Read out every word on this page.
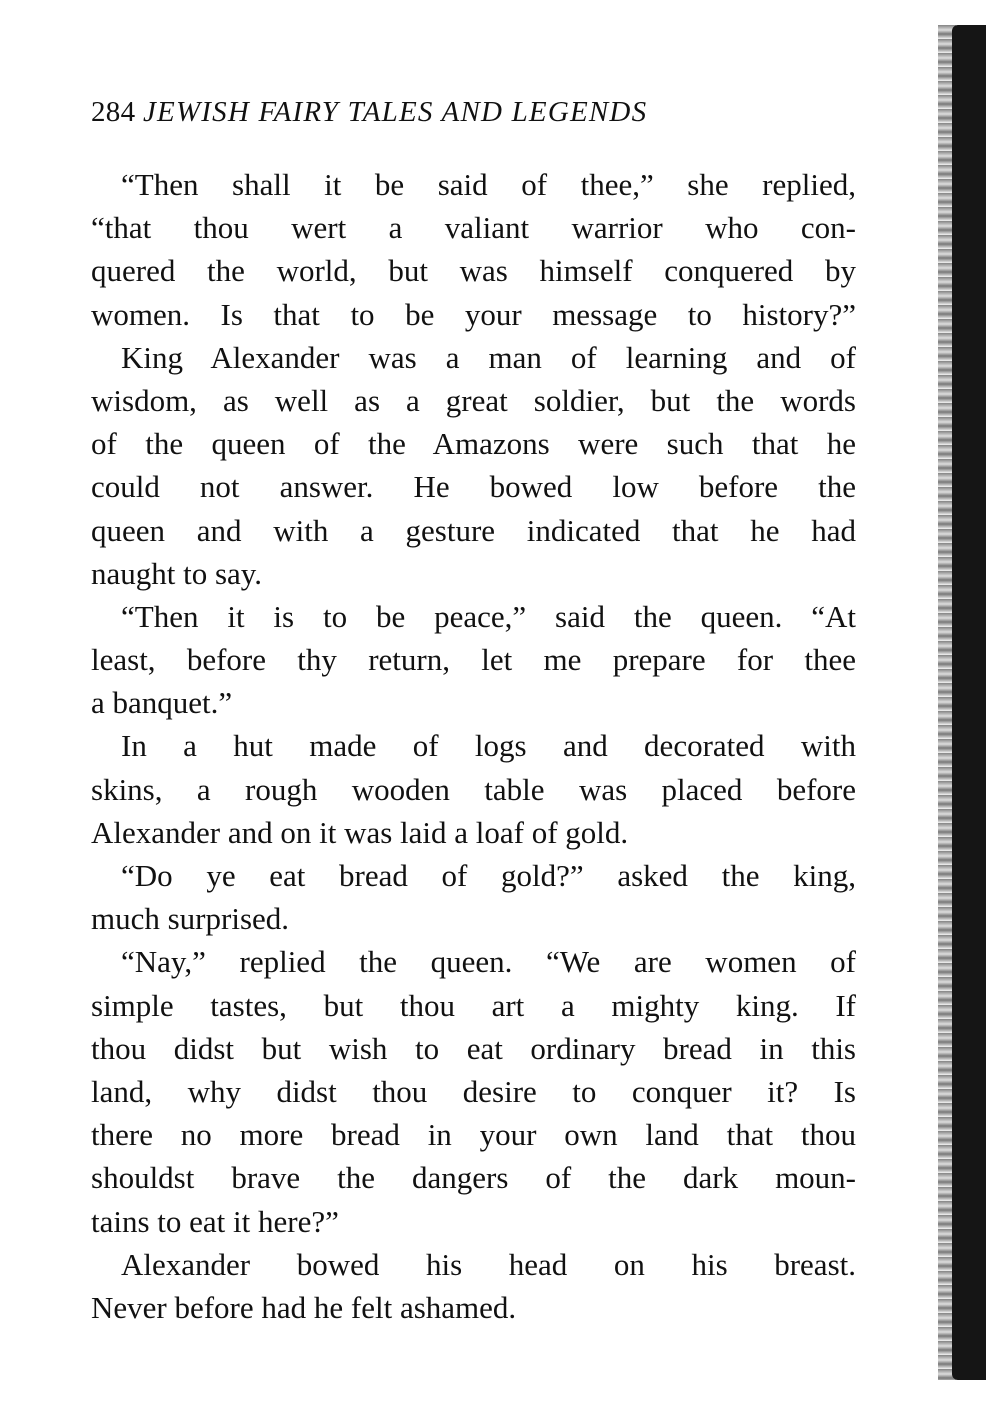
284 JEWISH FAIRY TALES AND LEGENDS

“Then shall it be said of thee,” she replied,
“that thou wert a valiant warrior who con-
quered the world, but was himself conquered by
women. Is that to be your message to history?”

King Alexander was a man of learning and of
wisdom, as well as a great soldier, but the words
of the queen of the Amazons were such that he
could not answer. He bowed low before the
queen and with a gesture indicated that he had
naught to say.

“Then it is to be peace,” said the queen. “At
least, before thy return, let me prepare for thee
a banquet.”

In a hut made of logs and decorated with
skins, a rough wooden table was placed before
Alexander and on it was laid a loaf of gold.

“Do ye eat bread of gold?” asked the king,
much surprised.

“Nay,” replied the queen. “We are women of
simple tastes, but thou art a mighty king. If
thou didst but wish to eat ordinary bread in this
land, why didst thou desire to conquer it? Is
there no more bread in your own land that thou
shouldst brave the dangers of the dark moun-
tains to eat it here?”

Alexander bowed his head on his breast.
Never before had he felt ashamed.
